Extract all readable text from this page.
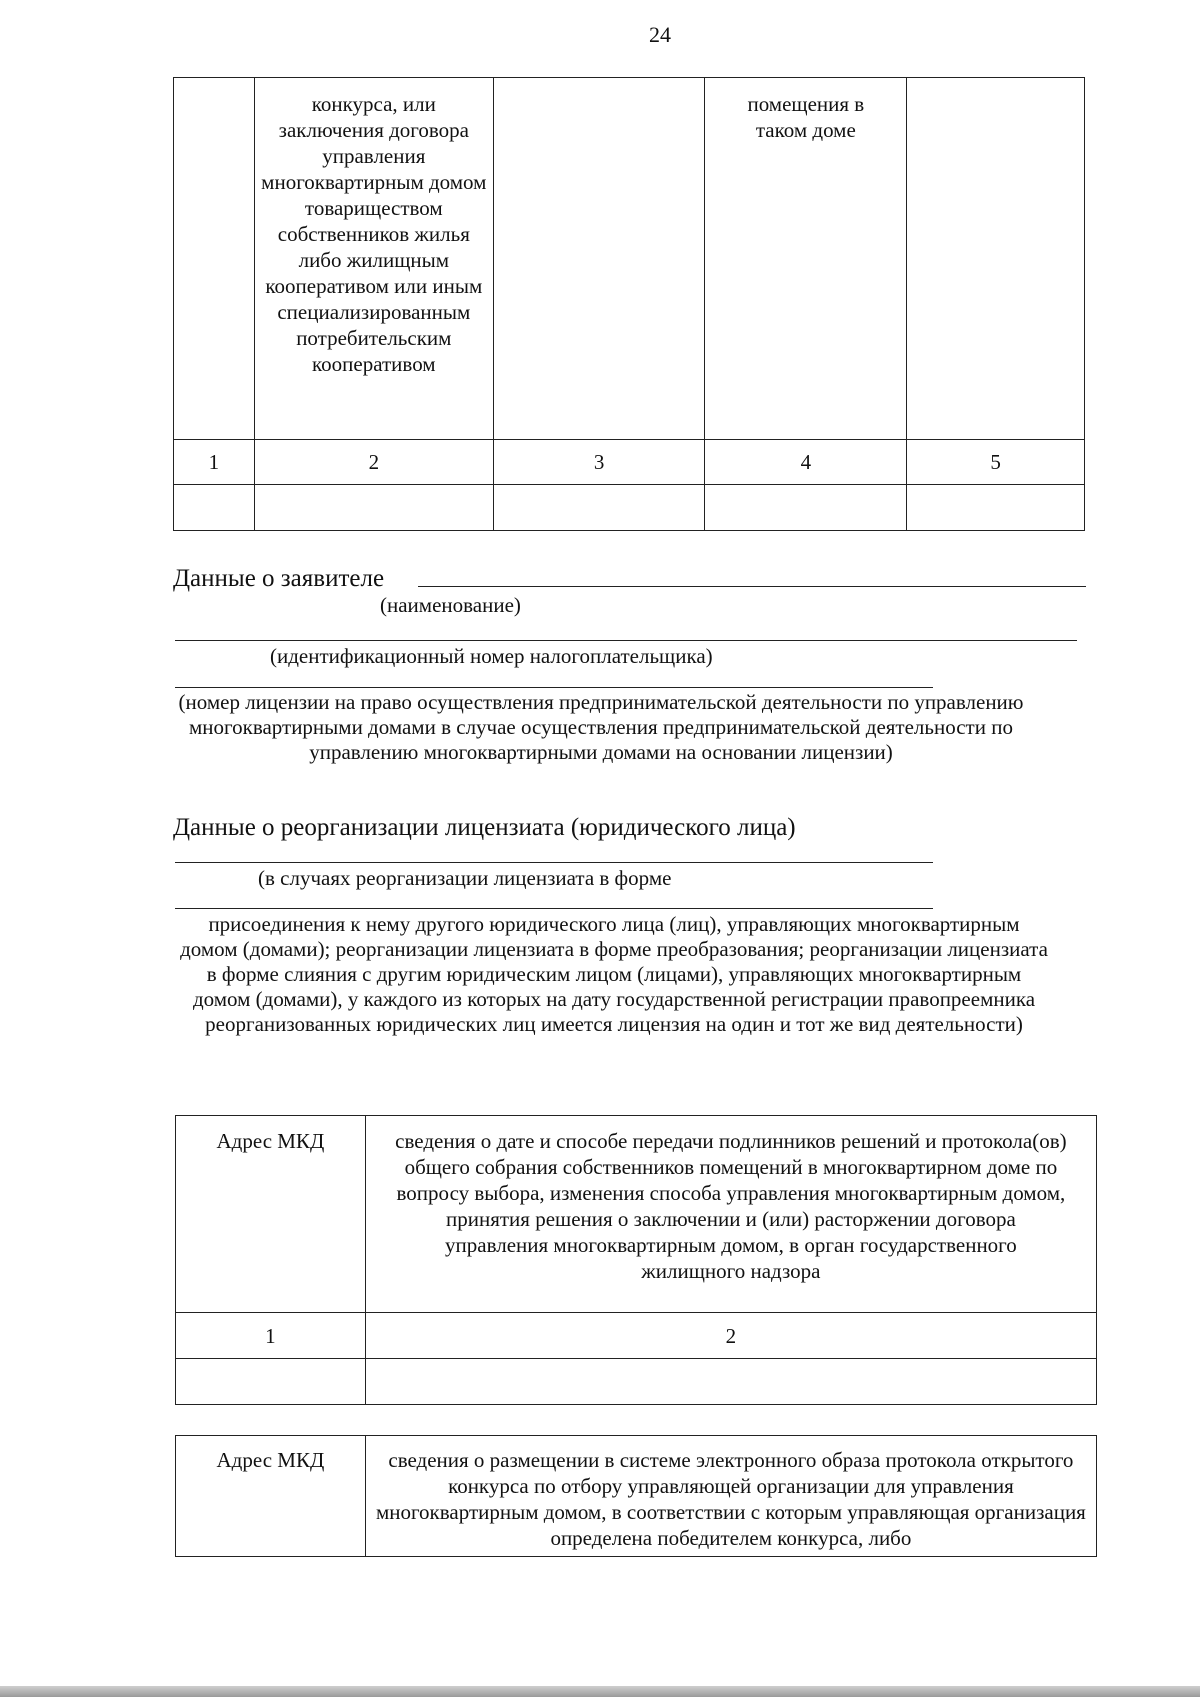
24

	конкурса, или заключения договора управления многоквартирным домом товариществом собственников жилья либо жилищным кооперативом или иным специализированным потребительским кооперативом		помещения в таком доме	

1	2	3	4	5

Данные о заявителе
(наименование)
(идентификационный номер налогоплательщика)
(номер лицензии на право осуществления предпринимательской деятельности по управлению многоквартирными домами в случае осуществления предпринимательской деятельности по управлению многоквартирными домами на основании лицензии)
Данные о реорганизации лицензиата (юридического лица)
(в случаях реорганизации лицензиата в форме
присоединения к нему другого юридического лица (лиц), управляющих многоквартирным домом (домами); реорганизации лицензиата в форме преобразования; реорганизации лицензиата в форме слияния с другим юридическим лицом (лицами), управляющих многоквартирным домом (домами), у каждого из которых на дату государственной регистрации правопреемника реорганизованных юридических лиц имеется лицензия на один и тот же вид деятельности)
Адрес МКД	сведения о дате и способе передачи подлинников решений и протокола(ов) общего собрания собственников помещений в многоквартирном доме по вопросу выбора, изменения способа управления многоквартирным домом, принятия решения о заключении и (или) расторжении договора управления многоквартирным домом, в орган государственного жилищного надзора

1	2

Адрес МКД	сведения о размещении в системе электронного образа протокола открытого конкурса по отбору управляющей организации для управления многоквартирным домом, в соответствии с которым управляющая организация определена победителем конкурса, либо
